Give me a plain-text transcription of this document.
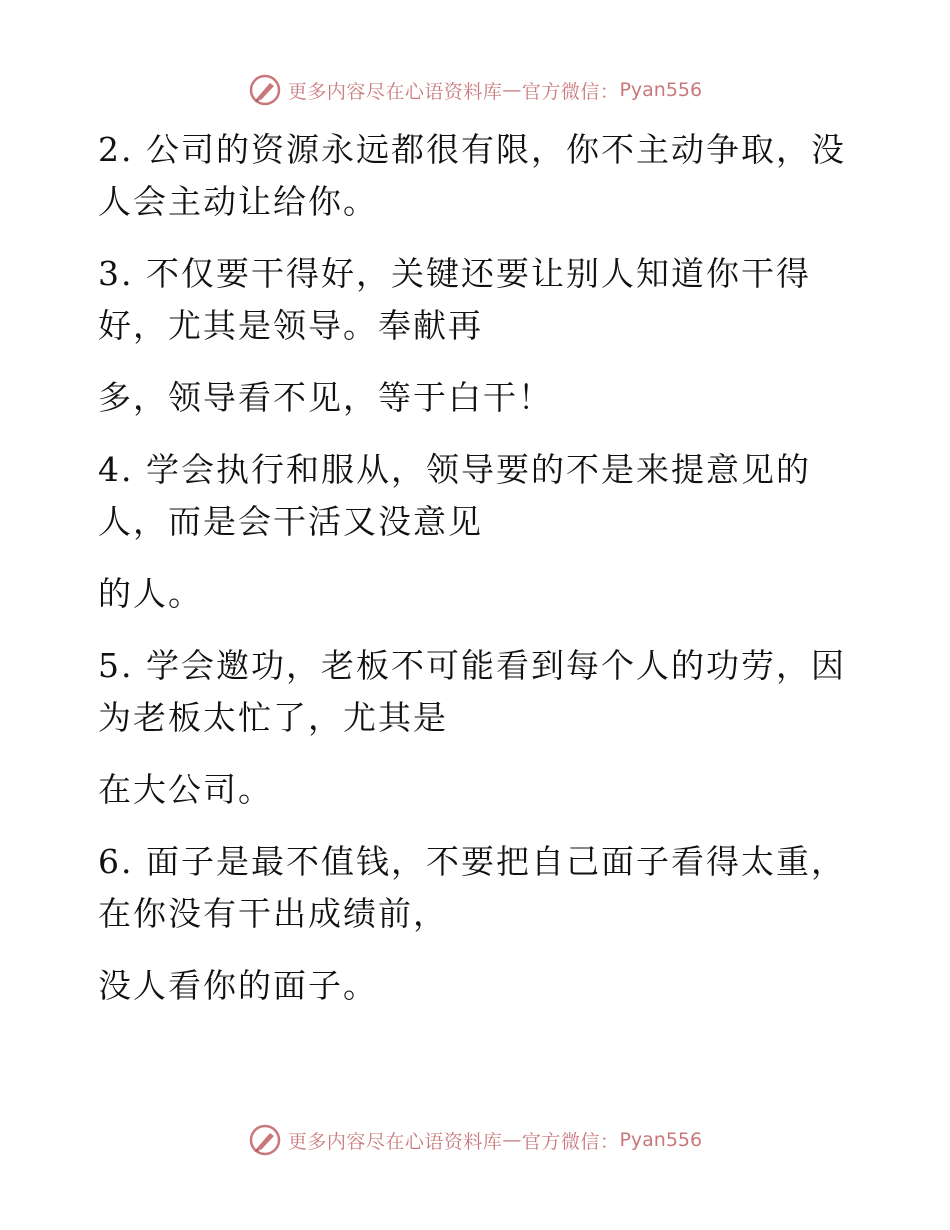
更多内容尽在心语资料库 — 官方微信： Pyan556
2. 公司的资源永远都很有限，你不主动争取，没
人会主动让给你。
3. 不仅要干得好，关键还要让别人知道你干得
好，尤其是领导。奉献再
多，领导看不见，等于白干！
4. 学会执行和服从，领导要的不是来提意见的
人，而是会干活又没意见
的人。
5. 学会邀功，老板不可能看到每个人的功劳，因
为老板太忙了，尤其是
在大公司。
6. 面子是最不值钱，不要把自己面子看得太重，
在你没有干出成绩前，
没人看你的面子。
更多内容尽在心语资料库 — 官方微信： Pyan556
